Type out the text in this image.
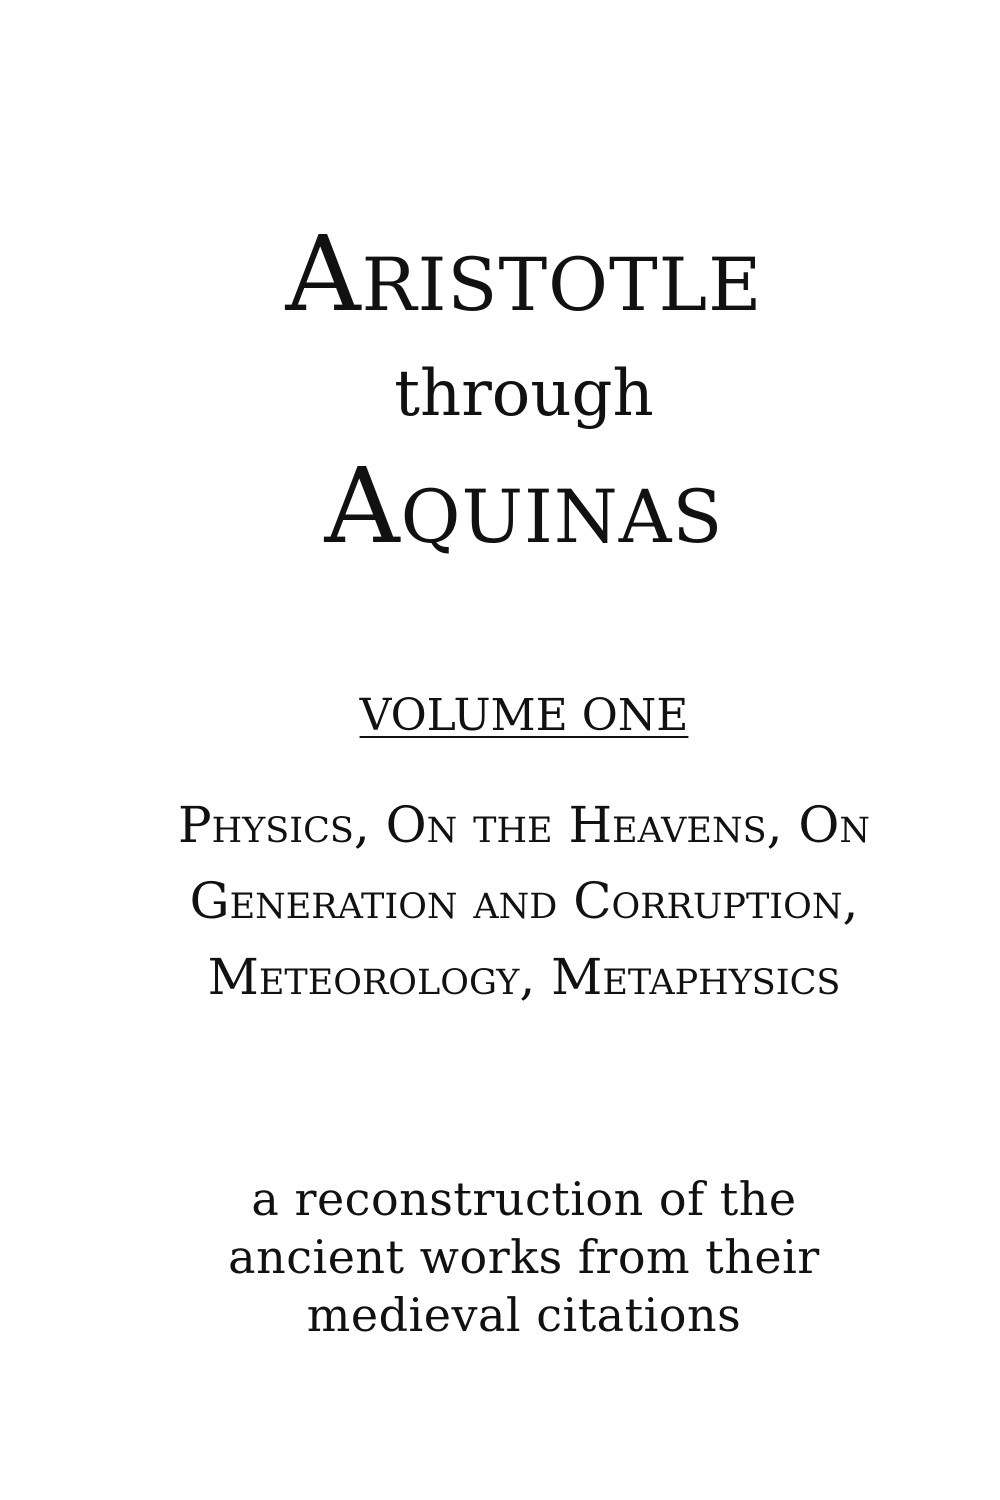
Aristotle
through
Aquinas
VOLUME ONE
Physics, On the Heavens, On
Generation and Corruption,
Meteorology, Metaphysics
a reconstruction of the
ancient works from their
medieval citations
